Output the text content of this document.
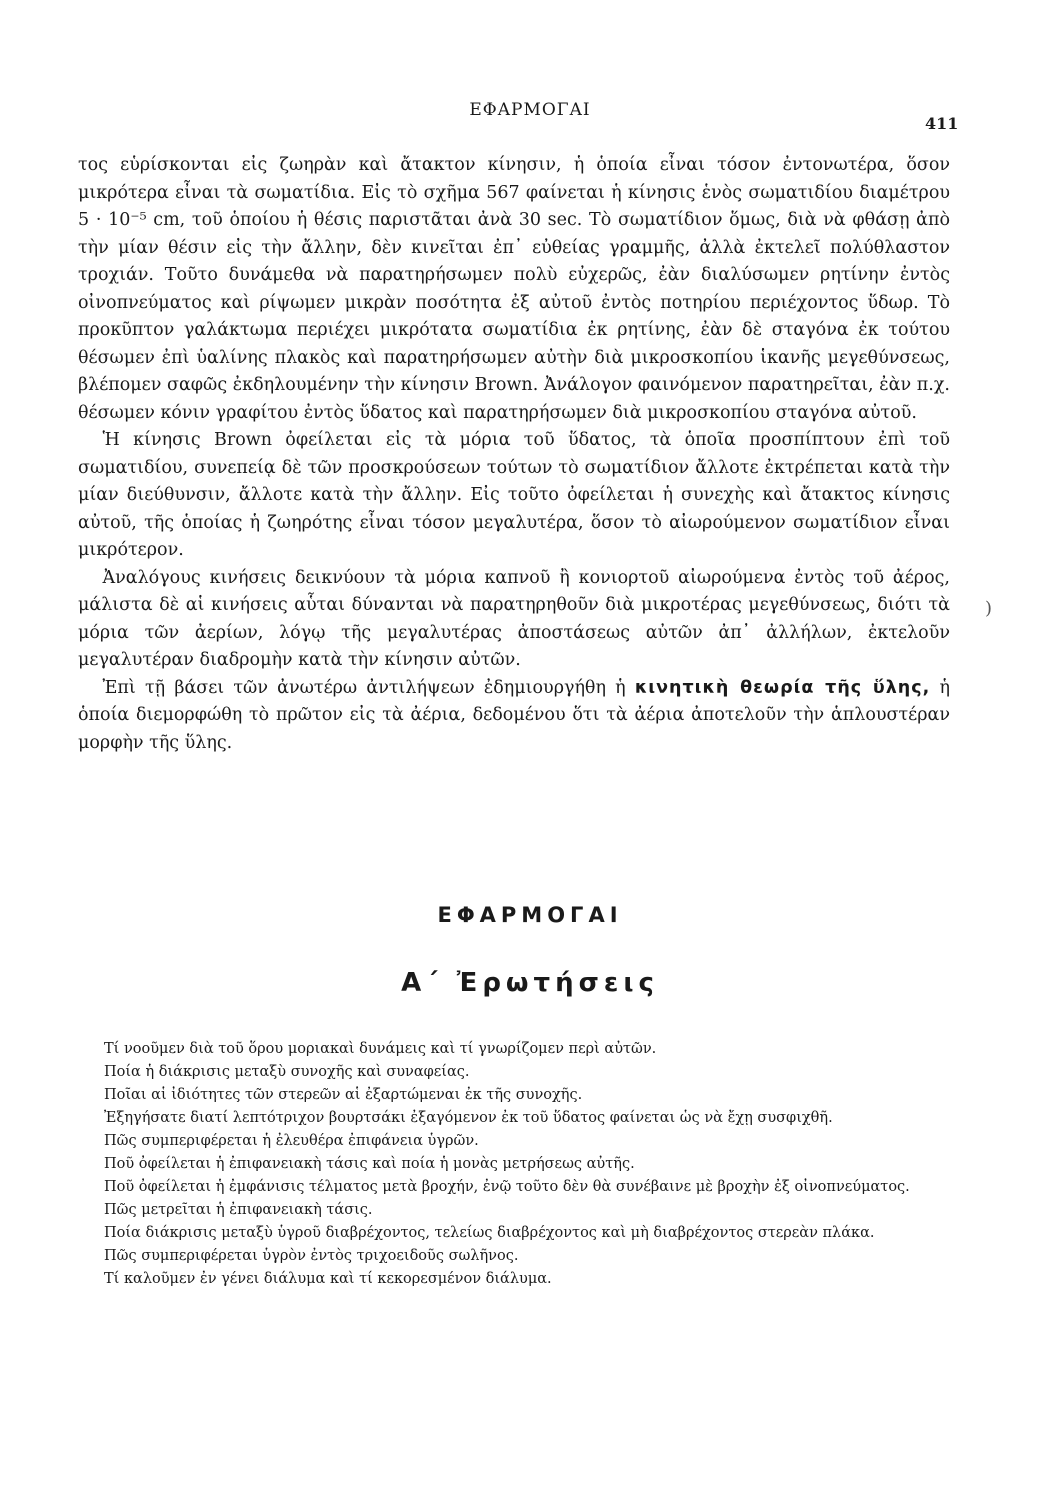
ΕΦΑΡΜΟΓΑΙ
411

τος εὑρίσκονται εἰς ζωηρὰν καὶ ἄτακτον κίνησιν, ἡ ὁποία εἶναι τόσον ἐντονωτέρα, ὅσον μικρότερα εἶναι τὰ σωματίδια. Εἰς τὸ σχῆμα 567 φαίνεται ἡ κίνησις ἑνὸς σωματιδίου διαμέτρου 5 · 10⁻⁵ cm, τοῦ ὁποίου ἡ θέσις παριστᾶται ἀνὰ 30 sec. Τὸ σωματίδιον ὅμως, διὰ νὰ φθάσῃ ἀπὸ τὴν μίαν θέσιν εἰς τὴν ἄλλην, δὲν κινεῖται ἐπ᾿ εὐθείας γραμμῆς, ἀλλὰ ἐκτελεῖ πολύθλαστον τροχιάν. Τοῦτο δυνάμεθα νὰ παρατηρήσωμεν πολὺ εὐχερῶς, ἐὰν διαλύσωμεν ρητίνην ἐντὸς οἰνοπνεύματος καὶ ρίψωμεν μικρὰν ποσότητα ἐξ αὐτοῦ ἐντὸς ποτηρίου περιέχοντος ὕδωρ. Τὸ προκῦπτον γαλάκτωμα περιέχει μικρότατα σωματίδια ἐκ ρητίνης, ἐὰν δὲ σταγόνα ἐκ τούτου θέσωμεν ἐπὶ ὑαλίνης πλακὸς καὶ παρατηρήσωμεν αὐτὴν διὰ μικροσκοπίου ἱκανῆς μεγεθύνσεως, βλέπομεν σαφῶς ἐκδηλουμένην τὴν κίνησιν Brown. Ἀνάλογον φαινόμενον παρατηρεῖται, ἐὰν π.χ. θέσωμεν κόνιν γραφίτου ἐντὸς ὕδατος καὶ παρατηρήσωμεν διὰ μικροσκοπίου σταγόνα αὐτοῦ.

Ἡ κίνησις Brown ὀφείλεται εἰς τὰ μόρια τοῦ ὕδατος, τὰ ὁποῖα προσπίπτουν ἐπὶ τοῦ σωματιδίου, συνεπείᾳ δὲ τῶν προσκρούσεων τούτων τὸ σωματίδιον ἄλλοτε ἐκτρέπεται κατὰ τὴν μίαν διεύθυνσιν, ἄλλοτε κατὰ τὴν ἄλλην. Εἰς τοῦτο ὀφείλεται ἡ συνεχὴς καὶ ἄτακτος κίνησις αὐτοῦ, τῆς ὁποίας ἡ ζωηρότης εἶναι τόσον μεγαλυτέρα, ὅσον τὸ αἰωρούμενον σωματίδιον εἶναι μικρότερον.

Ἀναλόγους κινήσεις δεικνύουν τὰ μόρια καπνοῦ ἢ κονιορτοῦ αἰωρούμενα ἐντὸς τοῦ ἀέρος, μάλιστα δὲ αἱ κινήσεις αὗται δύνανται νὰ παρατηρηθοῦν διὰ μικροτέρας μεγεθύνσεως, διότι τὰ μόρια τῶν ἀερίων, λόγῳ τῆς μεγαλυτέρας ἀποστάσεως αὐτῶν ἀπ᾿ ἀλλήλων, ἐκτελοῦν μεγαλυτέραν διαδρομὴν κατὰ τὴν κίνησιν αὐτῶν.

Ἐπὶ τῇ βάσει τῶν ἀνωτέρω ἀντιλήψεων ἐδημιουργήθη ἡ κινητικὴ θεωρία τῆς ὕλης, ἡ ὁποία διεμορφώθη τὸ πρῶτον εἰς τὰ ἀέρια, δεδομένου ὅτι τὰ ἀέρια ἀποτελοῦν τὴν ἁπλουστέραν μορφὴν τῆς ὕλης.

ΕΦΑΡΜΟΓΑΙ
Α΄ Ἐρωτήσεις
Τί νοοῦμεν διὰ τοῦ ὅρου μοριακαὶ δυνάμεις καὶ τί γνωρίζομεν περὶ αὐτῶν.
Ποία ἡ διάκρισις μεταξὺ συνοχῆς καὶ συναφείας.
Ποῖαι αἱ ἰδιότητες τῶν στερεῶν αἱ ἐξαρτώμεναι ἐκ τῆς συνοχῆς.
Ἐξηγήσατε διατί λεπτότριχον βουρτσάκι ἐξαγόμενον ἐκ τοῦ ὕδατος φαίνεται ὡς νὰ ἔχῃ συσφιχθῆ.
Πῶς συμπεριφέρεται ἡ ἐλευθέρα ἐπιφάνεια ὑγρῶν.
Ποῦ ὀφείλεται ἡ ἐπιφανειακὴ τάσις καὶ ποία ἡ μονὰς μετρήσεως αὐτῆς.
Ποῦ ὀφείλεται ἡ ἐμφάνισις τέλματος μετὰ βροχήν, ἐνῷ τοῦτο δὲν θὰ συνέβαινε μὲ βροχὴν ἐξ οἰνοπνεύματος.
Πῶς μετρεῖται ἡ ἐπιφανειακὴ τάσις.
Ποία διάκρισις μεταξὺ ὑγροῦ διαβρέχοντος, τελείως διαβρέχοντος καὶ μὴ διαβρέχοντος στερεὰν πλάκα.
Πῶς συμπεριφέρεται ὑγρὸν ἐντὸς τριχοειδοῦς σωλῆνος.
Τί καλοῦμεν ἐν γένει διάλυμα καὶ τί κεκορεσμένον διάλυμα.
)
